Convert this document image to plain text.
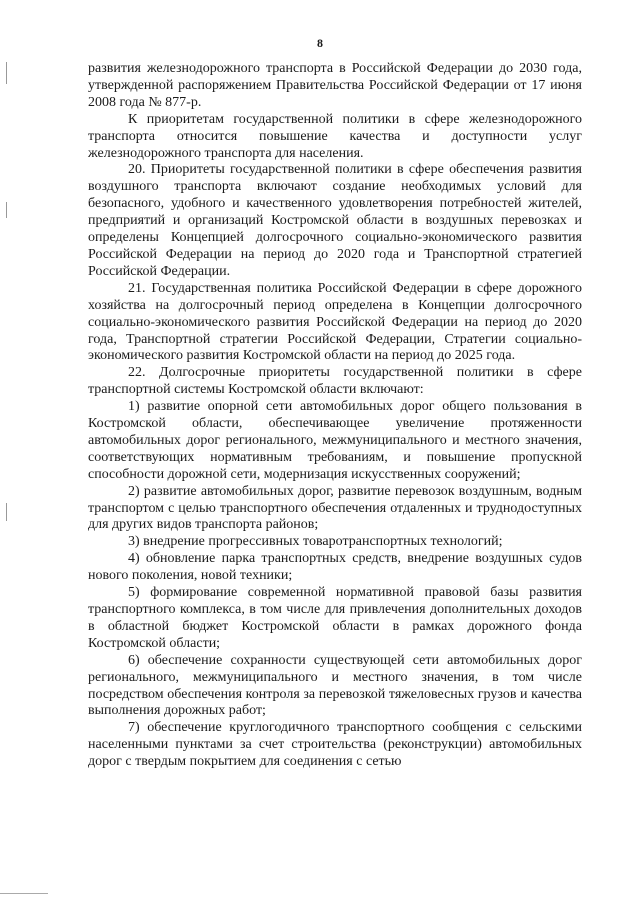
8

развития железнодорожного транспорта в Российской Федерации до 2030 года, утвержденной распоряжением Правительства Российской Федерации от 17 июня 2008 года № 877-р.

К приоритетам государственной политики в сфере железнодорожного транспорта относится повышение качества и доступности услуг железнодорожного транспорта для населения.

20. Приоритеты государственной политики в сфере обеспечения развития воздушного транспорта включают создание необходимых условий для безопасного, удобного и качественного удовлетворения потребностей жителей, предприятий и организаций Костромской области в воздушных перевозках и определены Концепцией долгосрочного социально-экономического развития Российской Федерации на период до 2020 года и Транспортной стратегией Российской Федерации.

21. Государственная политика Российской Федерации в сфере дорожного хозяйства на долгосрочный период определена в Концепции долгосрочного социально-экономического развития Российской Федерации на период до 2020 года, Транспортной стратегии Российской Федерации, Стратегии социально-экономического развития Костромской области на период до 2025 года.

22. Долгосрочные приоритеты государственной политики в сфере транспортной системы Костромской области включают:

1) развитие опорной сети автомобильных дорог общего пользования в Костромской области, обеспечивающее увеличение протяженности автомобильных дорог регионального, межмуниципального и местного значения, соответствующих нормативным требованиям, и повышение пропускной способности дорожной сети, модернизация искусственных сооружений;

2) развитие автомобильных дорог, развитие перевозок воздушным, водным транспортом с целью транспортного обеспечения отдаленных и труднодоступных для других видов транспорта районов;

3) внедрение прогрессивных товаротранспортных технологий;

4) обновление парка транспортных средств, внедрение воздушных судов нового поколения, новой техники;

5) формирование современной нормативной правовой базы развития транспортного комплекса, в том числе для привлечения дополнительных доходов в областной бюджет Костромской области в рамках дорожного фонда Костромской области;

6) обеспечение сохранности существующей сети автомобильных дорог регионального, межмуниципального и местного значения, в том числе посредством обеспечения контроля за перевозкой тяжеловесных грузов и качества выполнения дорожных работ;

7) обеспечение круглогодичного транспортного сообщения с сельскими населенными пунктами за счет строительства (реконструкции) автомобильных дорог с твердым покрытием для соединения с сетью
